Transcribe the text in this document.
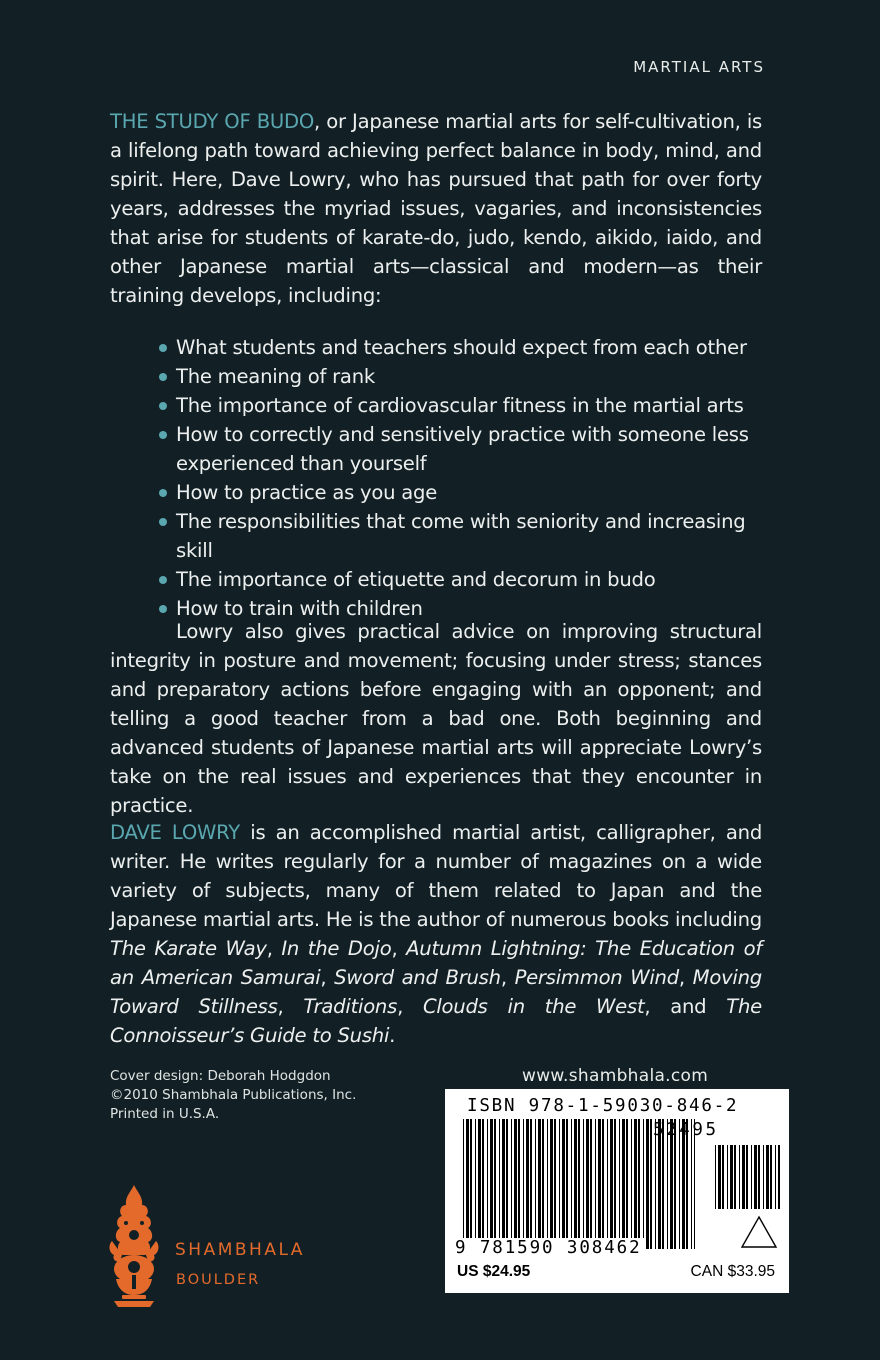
MARTIAL ARTS

THE STUDY OF BUDO, or Japanese martial arts for self-cultivation, is a lifelong path toward achieving perfect balance in body, mind, and spirit. Here, Dave Lowry, who has pursued that path for over forty years, addresses the myriad issues, vagaries, and inconsistencies that arise for students of karate-do, judo, kendo, aikido, iaido, and other Japanese martial arts—classical and modern—as their training develops, including:

What students and teachers should expect from each other
The meaning of rank
The importance of cardiovascular fitness in the martial arts
How to correctly and sensitively practice with someone less experienced than yourself
How to practice as you age
The responsibilities that come with seniority and increasing skill
The importance of etiquette and decorum in budo
How to train with children

Lowry also gives practical advice on improving structural integrity in posture and movement; focusing under stress; stances and preparatory actions before engaging with an opponent; and telling a good teacher from a bad one. Both beginning and advanced students of Japanese martial arts will appreciate Lowry’s take on the real issues and experiences that they encounter in practice.

DAVE LOWRY is an accomplished martial artist, calligrapher, and writer. He writes regularly for a number of magazines on a wide variety of subjects, many of them related to Japan and the Japanese martial arts. He is the author of numerous books including The Karate Way, In the Dojo, Autumn Lightning: The Education of an American Samurai, Sword and Brush, Persimmon Wind, Moving Toward Stillness, Traditions, Clouds in the West, and The Connoisseur’s Guide to Sushi.

Cover design: Deborah Hodgdon
©2010 Shambhala Publications, Inc.
Printed in U.S.A.
www.shambhala.com
ISBN 978-1-59030-846-2
52495
9 781590 308462
US $24.95	CAN $33.95
SHAMBHALA
BOULDER
